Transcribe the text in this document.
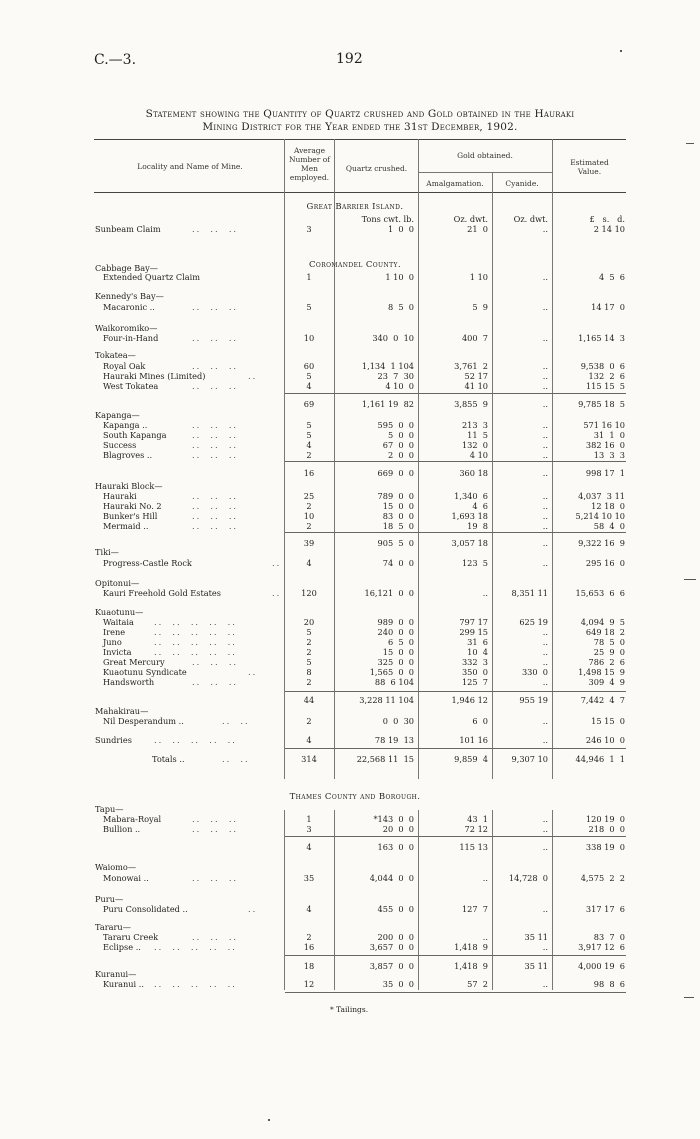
C.—3.	192
Statement showing the Quantity of Quartz crushed and Gold obtained in the Hauraki
Mining District for the Year ended the 31st December, 1902.
Locality and Name of Mine.
Average
Number of
Men
employed.
Quartz crushed.
Gold obtained.
Amalgamation.	Cyanide.
Estimated
Value.
Great Barrier Island.
Coromandel County.
Thames County and Borough.
Tons cwt. lb.	Oz. dwt.	Oz. dwt.	£   s.   d.
Cabbage Bay—
Kennedy's Bay—
Waikoromiko—
Tokatea—
Kapanga—
Hauraki Block—
Tiki—
Opitonui—
Kuaotunu—
Mahakirau—
Tapu—
Waiomo—
Puru—
Tararu—
Kuranui—
Sunbeam Claim	..  ..  ..	3	1  0  0	21  0	..	2 14 10
Extended Quartz Claim	1	1 10  0	1 10	..	4  5  6
Macaronic ..	..  ..  ..	5	8  5  0	5  9	..	14 17  0
Four-in-Hand	..  ..  ..	10	340  0  10	400  7	..	1,165 14  3
Royal Oak	..  ..  ..	60	1,134  1 104	3,761  2	..	9,538  0  6
Hauraki Mines (Limited)	..	5	23  7  30	52 17	..	132  2  6
West Tokatea	..  ..  ..	4	4 10  0	41 10	..	115 15  5
69	1,161 19  82	3,855  9	..	9,785 18  5
Kapanga ..	..  ..  ..	5	595  0  0	213  3	..	571 16 10
South Kapanga	..  ..  ..	5	5  0  0	11  5	..	31  1  0
Success	..  ..  ..	4	67  0  0	132  0	..	382 16  0
Blagroves ..	..  ..  ..	2	2  0  0	4 10	..	13  3  3
16	669  0  0	360 18	..	998 17  1
Hauraki	..  ..  ..	25	789  0  0	1,340  6	..	4,037  3 11
Hauraki No. 2	..  ..  ..	2	15  0  0	4  6	..	12 18  0
Bunker's Hill	..  ..  ..	10	83  0  0	1,693 18	..	5,214 10 10
Mermaid ..	..  ..  ..	2	18  5  0	19  8	..	58  4  0
39	905  5  0	3,057 18	..	9,322 16  9
Progress-Castle Rock	..	4	74  0  0	123  5	..	295 16  0
Kauri Freehold Gold Estates	..	120	16,121  0  0	..	8,351 11	15,653  6  6
Waitaia ..  ..  ..  ..  ..	20	989  0  0	797 17	625 19	4,094  9  5
Irene	..  ..  ..  ..  ..	5	240  0  0	299 15	..	649 18  2
Juno	..  ..  ..  ..  ..	2	6  5  0	31  6	..	78  5  0
Invicta	..  ..  ..  ..  ..	2	15  0  0	10  4	..	25  9  0
Great Mercury	..  ..  ..	5	325  0  0	332  3	..	786  2  6
Kuaotunu Syndicate	..	8	1,565  0  0	350  0	330  0	1,498 15  9
Handsworth	..  ..  ..	2	88  6 104	125  7	..	309  4  9
44	3,228 11 104	1,946 12	955 19	7,442  4  7
Nil Desperandum ..	..  ..	2	0  0  30	6  0	..	15 15  0
Sundries	..  ..  ..  ..  ..	4	78 19  13	101 16	..	246 10  0
Totals ..	..  ..	314	22,568 11  15	9,859  4	9,307 10	44,946  1  1
Mabara-Royal	..  ..  ..	1	*143  0  0	43  1	..	120 19  0
Bullion ..	..  ..  ..	3	20  0  0	72 12	..	218  0  0
4	163  0  0	115 13	..	338 19  0
Monowai ..	..  ..  ..	35	4,044  0  0	..	14,728  0	4,575  2  2
Puru Consolidated ..	..	4	455  0  0	127  7	..	317 17  6
Tararu Creek	..  ..  ..	2	200  0  0	..	35 11	83  7  0
Eclipse .. ..  ..  ..  ..  ..	16	3,657  0  0	1,418  9	..	3,917 12  6
18	3,857  0  0	1,418  9	35 11	4,000 19  6
Kuranui .. ..  ..  ..  ..  ..	12	35  0  0	57  2	..	98  8  6
* Tailings.
